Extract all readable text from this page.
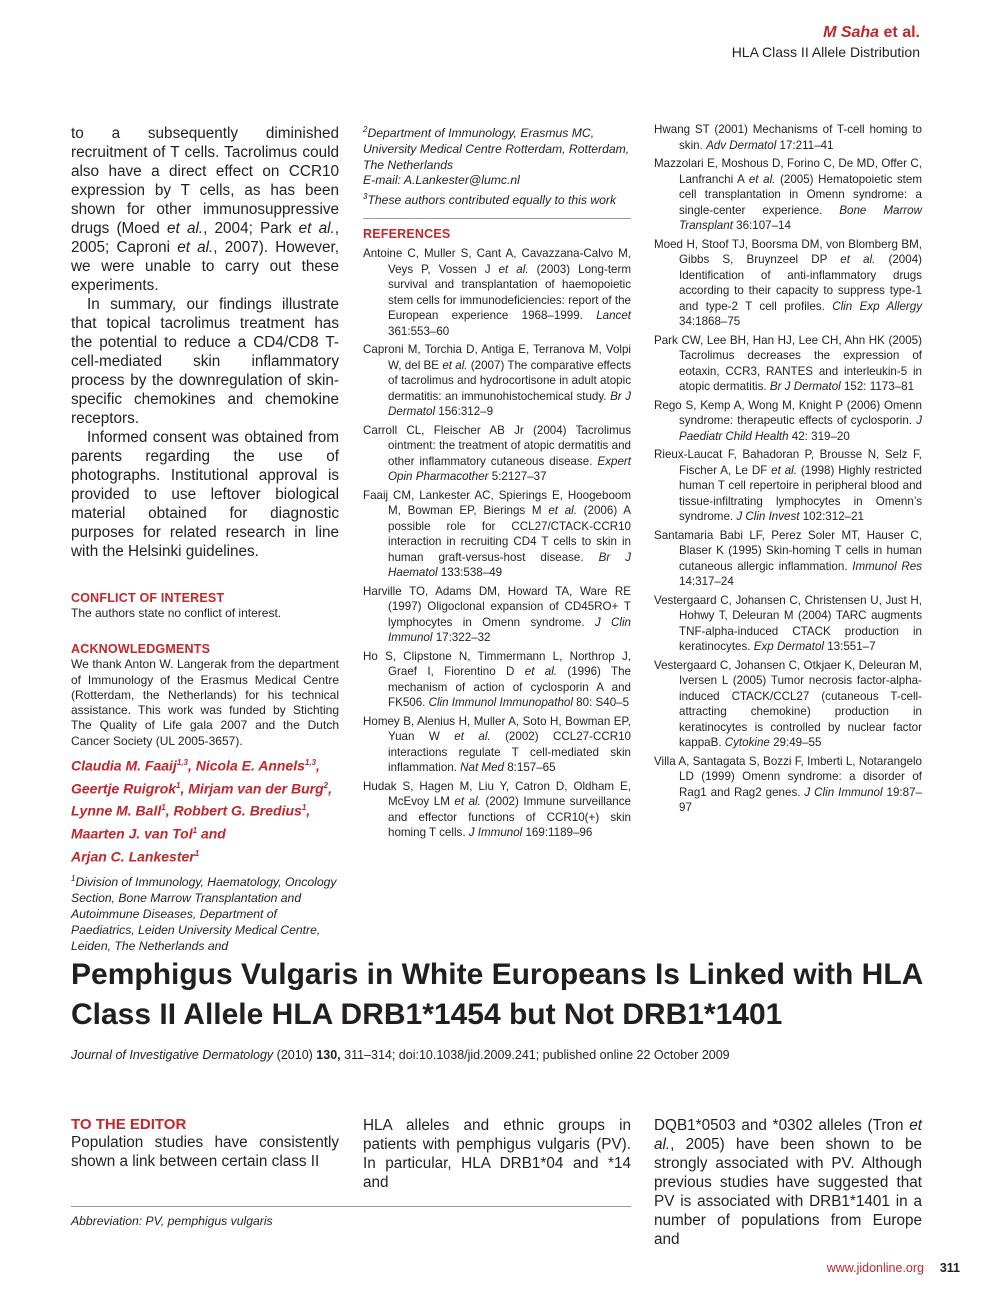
M Saha et al.
HLA Class II Allele Distribution

to a subsequently diminished recruitment of T cells. Tacrolimus could also have a direct effect on CCR10 expression by T cells, as has been shown for other immunosuppressive drugs (Moed et al., 2004; Park et al., 2005; Caproni et al., 2007). However, we were unable to carry out these experiments.

In summary, our findings illustrate that topical tacrolimus treatment has the potential to reduce a CD4/CD8 T-cell-mediated skin inflammatory process by the downregulation of skin-specific chemokines and chemokine receptors.

Informed consent was obtained from parents regarding the use of photographs. Institutional approval is provided to use leftover biological material obtained for diagnostic purposes for related research in line with the Helsinki guidelines.

CONFLICT OF INTEREST

The authors state no conflict of interest.

ACKNOWLEDGMENTS

We thank Anton W. Langerak from the department of Immunology of the Erasmus Medical Centre (Rotterdam, the Netherlands) for his technical assistance. This work was funded by Stichting The Quality of Life gala 2007 and the Dutch Cancer Society (UL 2005-3657).

Claudia M. Faaij$^{1,3}$, Nicola E. Annels$^{1,3}$, Geertje Ruigrok$^1$, Mirjam van der Burg$^2$, Lynne M. Ball$^1$, Robbert G. Bredius$^1$, Maarten J. van Tol$^1$ and
Arjan C. Lankester$^1$

$^1$Division of Immunology, Haematology, Oncology Section, Bone Marrow Transplantation and Autoimmune Diseases, Department of Paediatrics, Leiden University Medical Centre, Leiden, The Netherlands and

$^2$Department of Immunology, Erasmus MC, University Medical Centre Rotterdam, Rotterdam, The Netherlands
E-mail: A.Lankester@lumc.nl
$^3$These authors contributed equally to this work

REFERENCES

Antoine C, Muller S, Cant A, Cavazzana-Calvo M, Veys P, Vossen J et al. (2003) Long-term survival and transplantation of haemopoietic stem cells for immunodeficiencies: report of the European experience 1968–1999. Lancet 361:553–60

Caproni M, Torchia D, Antiga E, Terranova M, Volpi W, del BE et al. (2007) The comparative effects of tacrolimus and hydrocortisone in adult atopic dermatitis: an immunohistochemical study. Br J Dermatol 156:312–9

Carroll CL, Fleischer AB Jr (2004) Tacrolimus ointment: the treatment of atopic dermatitis and other inflammatory cutaneous disease. Expert Opin Pharmacother 5:2127–37

Faaij CM, Lankester AC, Spierings E, Hoogeboom M, Bowman EP, Bierings M et al. (2006) A possible role for CCL27/CTACK-CCR10 interaction in recruiting CD4 T cells to skin in human graft-versus-host disease. Br J Haematol 133:538–49

Harville TO, Adams DM, Howard TA, Ware RE (1997) Oligoclonal expansion of CD45RO+ T lymphocytes in Omenn syndrome. J Clin Immunol 17:322–32

Ho S, Clipstone N, Timmermann L, Northrop J, Graef I, Fiorentino D et al. (1996) The mechanism of action of cyclosporin A and FK506. Clin Immunol Immunopathol 80: S40–5

Homey B, Alenius H, Muller A, Soto H, Bowman EP, Yuan W et al. (2002) CCL27-CCR10 interactions regulate T cell-mediated skin inflammation. Nat Med 8:157–65

Hudak S, Hagen M, Liu Y, Catron D, Oldham E, McEvoy LM et al. (2002) Immune surveillance and effector functions of CCR10(+) skin homing T cells. J Immunol 169:1189–96

Hwang ST (2001) Mechanisms of T-cell homing to skin. Adv Dermatol 17:211–41

Mazzolari E, Moshous D, Forino C, De MD, Offer C, Lanfranchi A et al. (2005) Hematopoietic stem cell transplantation in Omenn syndrome: a single-center experience. Bone Marrow Transplant 36:107–14

Moed H, Stoof TJ, Boorsma DM, von Blomberg BM, Gibbs S, Bruynzeel DP et al. (2004) Identification of anti-inflammatory drugs according to their capacity to suppress type-1 and type-2 T cell profiles. Clin Exp Allergy 34:1868–75

Park CW, Lee BH, Han HJ, Lee CH, Ahn HK (2005) Tacrolimus decreases the expression of eotaxin, CCR3, RANTES and interleukin-5 in atopic dermatitis. Br J Dermatol 152: 1173–81

Rego S, Kemp A, Wong M, Knight P (2006) Omenn syndrome: therapeutic effects of cyclosporin. J Paediatr Child Health 42: 319–20

Rieux-Laucat F, Bahadoran P, Brousse N, Selz F, Fischer A, Le DF et al. (1998) Highly restricted human T cell repertoire in peripheral blood and tissue-infiltrating lymphocytes in Omenn’s syndrome. J Clin Invest 102:312–21

Santamaria Babi LF, Perez Soler MT, Hauser C, Blaser K (1995) Skin-homing T cells in human cutaneous allergic inflammation. Immunol Res 14:317–24

Vestergaard C, Johansen C, Christensen U, Just H, Hohwy T, Deleuran M (2004) TARC augments TNF-alpha-induced CTACK production in keratinocytes. Exp Dermatol 13:551–7

Vestergaard C, Johansen C, Otkjaer K, Deleuran M, Iversen L (2005) Tumor necrosis factor-alpha-induced CTACK/CCL27 (cutaneous T-cell-attracting chemokine) production in keratinocytes is controlled by nuclear factor kappaB. Cytokine 29:49–55

Villa A, Santagata S, Bozzi F, Imberti L, Notarangelo LD (1999) Omenn syndrome: a disorder of Rag1 and Rag2 genes. J Clin Immunol 19:87–97

Pemphigus Vulgaris in White Europeans Is Linked with HLA Class II Allele HLA DRB1*1454 but Not DRB1*1401
Journal of Investigative Dermatology (2010) 130, 311–314; doi:10.1038/jid.2009.241; published online 22 October 2009
TO THE EDITOR

Population studies have consistently shown a link between certain class II

HLA alleles and ethnic groups in patients with pemphigus vulgaris (PV). In particular, HLA DRB1*04 and *14 and

Abbreviation: PV, pemphigus vulgaris

DQB1*0503 and *0302 alleles (Tron et al., 2005) have been shown to be strongly associated with PV. Although previous studies have suggested that PV is associated with DRB1*1401 in a number of populations from Europe and

www.jidonline.org 311
